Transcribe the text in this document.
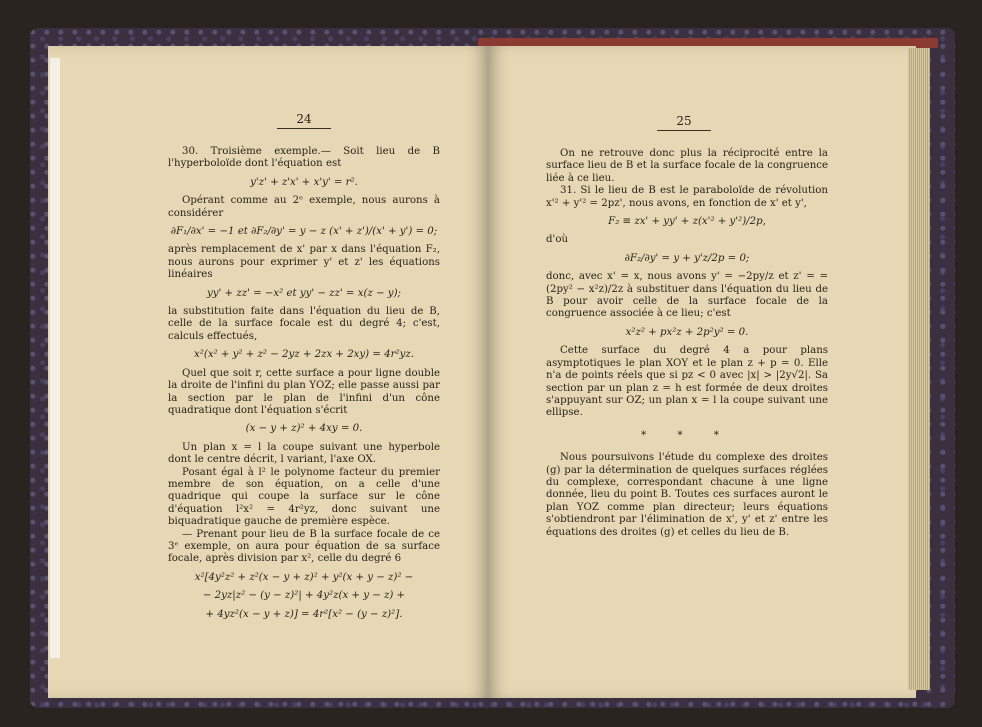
24

30. Troisième exemple.— Soit lieu de B l'hyperboloïde dont l'équation est

y'z' + z'x' + x'y' = r².

Opérant comme au 2ᵉ exemple, nous aurons à considérer

∂F₁/∂x' = −1 et ∂F₂/∂y' = y − z (x' + z')/(x' + y') = 0;

après remplacement de x' par x dans l'équation F₂, nous aurons pour exprimer y' et z' les équations linéaires

yy' + zz' = −x² et yy' − zz' = x(z − y);

la substitution faite dans l'équation du lieu de B, celle de la surface focale est du degré 4; c'est, calculs effectués,

x²(x² + y² + z² − 2yz + 2zx + 2xy) = 4r²yz.

Quel que soit r, cette surface a pour ligne double la droite de l'infini du plan YOZ; elle passe aussi par la section par le plan de l'infini d'un cône quadratique dont l'équation s'écrit

(x − y + z)² + 4xy = 0.

Un plan x = l la coupe suivant une hyperbole dont le centre décrit, l variant, l'axe OX.

Posant égal à l² le polynome facteur du premier membre de son équation, on a celle d'une quadrique qui coupe la surface sur le cône d'équation l²x² = 4r²yz, donc suivant une biquadratique gauche de première espèce.

— Prenant pour lieu de B la surface focale de ce 3ᵉ exemple, on aura pour équation de sa surface focale, après division par x², celle du degré 6

x²[4y²z² + z²(x − y + z)² + y²(x + y − z)² −
− 2yz|z² − (y − z)²| + 4y²z(x + y − z) +
+ 4yz²(x − y + z)] = 4r²[x² − (y − z)²].
25

On ne retrouve donc plus la réciprocité entre la surface lieu de B et la surface focale de la congruence liée à ce lieu.

31. Si le lieu de B est le paraboloïde de révolution x'² + y'² = 2pz', nous avons, en fonction de x' et y',

F₂ ≡ zx' + yy' + z(x'² + y'²)/2p,

d'où

∂F₂/∂y' = y + y'z/2p = 0;

donc, avec x' = x, nous avons y' = −2py/z et z' = = (2py² − x²z)/2z à substituer dans l'équation du lieu de B pour avoir celle de la surface focale de la congruence associée à ce lieu; c'est

x²z² + px²z + 2p²y² = 0.

Cette surface du degré 4 a pour plans asymptotiques le plan XOY et le plan z + p = 0. Elle n'a de points réels que si pz < 0 avec |x| > |2y√2|. Sa section par un plan z = h est formée de deux droites s'appuyant sur OZ; un plan x = l la coupe suivant une ellipse.

* * *

Nous poursuivons l'étude du complexe des droites (g) par la détermination de quelques surfaces réglées du complexe, correspondant chacune à une ligne donnée, lieu du point B. Toutes ces surfaces auront le plan YOZ comme plan directeur; leurs équations s'obtiendront par l'élimination de x', y' et z' entre les équations des droites (g) et celles du lieu de B.
